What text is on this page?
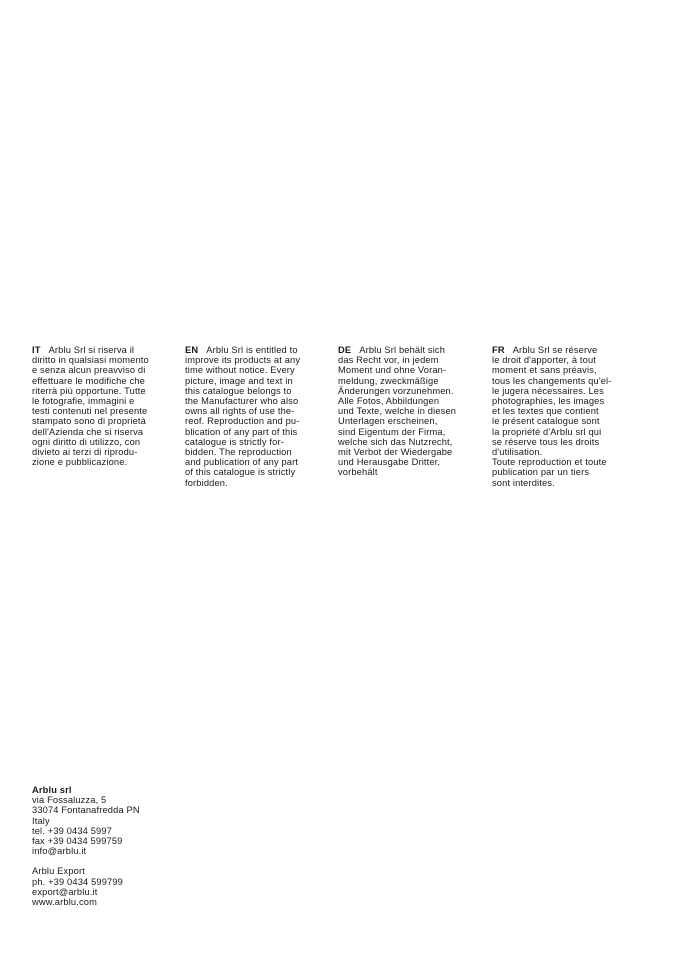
IT Arblu Srl si riserva il
diritto in qualsiasi momento
e senza alcun preavviso di
effettuare le modifiche che
riterrà più opportune. Tutte
le fotografie, immagini e
testi contenuti nel presente
stampato sono di proprietà
dell'Azienda che si riserva
ogni diritto di utilizzo, con
divieto ai terzi di riprodu-
zione e pubblicazione.
EN Arblu Srl is entitled to
improve its products at any
time without notice. Every
picture, image and text in
this catalogue belongs to
the Manufacturer who also
owns all rights of use the-
reof. Reproduction and pu-
blication of any part of this
catalogue is strictly for-
bidden. The reproduction
and publication of any part
of this catalogue is strictly
forbidden.
DE Arblu Srl behält sich
das Recht vor, in jedem
Moment und ohne Voran-
meldung, zweckmäßige
Änderungen vorzunehmen.
Alle Fotos, Abbildungen
und Texte, welche in diesen
Unterlagen erscheinen,
sind Eigentum der Firma,
welche sich das Nutzrecht,
mit Verbot der Wiedergabe
und Herausgabe Dritter,
vorbehält
FR Arblu Srl se réserve
le droit d'apporter, à tout
moment et sans préavis,
tous les changements qu'el-
le jugera nécessaires. Les
photographies, les images
et les textes que contient
le présent catalogue sont
la propriété d'Arblu srl qui
se réserve tous les droits
d'utilisation.
Toute reproduction et toute
publication par un tiers
sont interdites.
Arblu srl
via Fossaluzza, 5
33074 Fontanafredda PN
Italy
tel. +39 0434 5997
fax +39 0434 599759
info@arblu.it
Arblu Export
ph. +39 0434 599799
export@arblu.it
www.arblu.com
